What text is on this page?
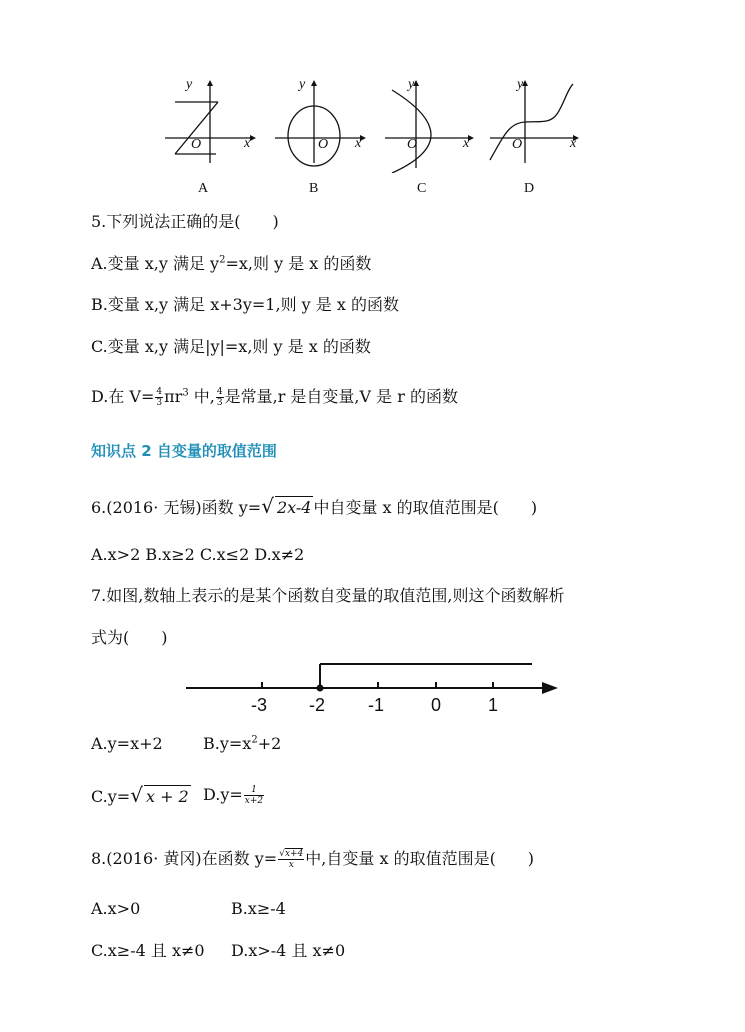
y
x
O
A
y
x
O
B
y
x
O
C
y
x
O
D
5.下列说法正确的是(　　)
A.变量 x,y 满足 $y^2=x$,则 y 是 x 的函数
B.变量 x,y 满足 x+3y=1,则 y 是 x 的函数
C.变量 x,y 满足|y|=x,则 y 是 x 的函数
D.在 $V= \frac{4}{3} \pi r^3$ 中, $\frac{4}{3}$ 是常量,r 是自变量,V 是 r 的函数
知识点 2 自变量的取值范围
6.(2016· 无锡)函数 y=√ 2x-4 中自变量 x 的取值范围是(　　)
A.x>2 B.x≥2 C.x≤2 D.x≠2
7.如图,数轴上表示的是某个函数自变量的取值范围,则这个函数解析
式为(　　)
-3 -2 -1	0	1
A.y=x+2	$B.y=x^2+2$
C.y=√ x + 2 $D.y= \frac{1}{x+2}$
8.(2016· 黄冈)在函数 $y= \frac{√x+4}{x}$ 中,自变量 x 的取值范围是(　　)
A.x>0	B.x≥-4
C.x≥-4 且 x≠0 D.x>-4 且 x≠0
